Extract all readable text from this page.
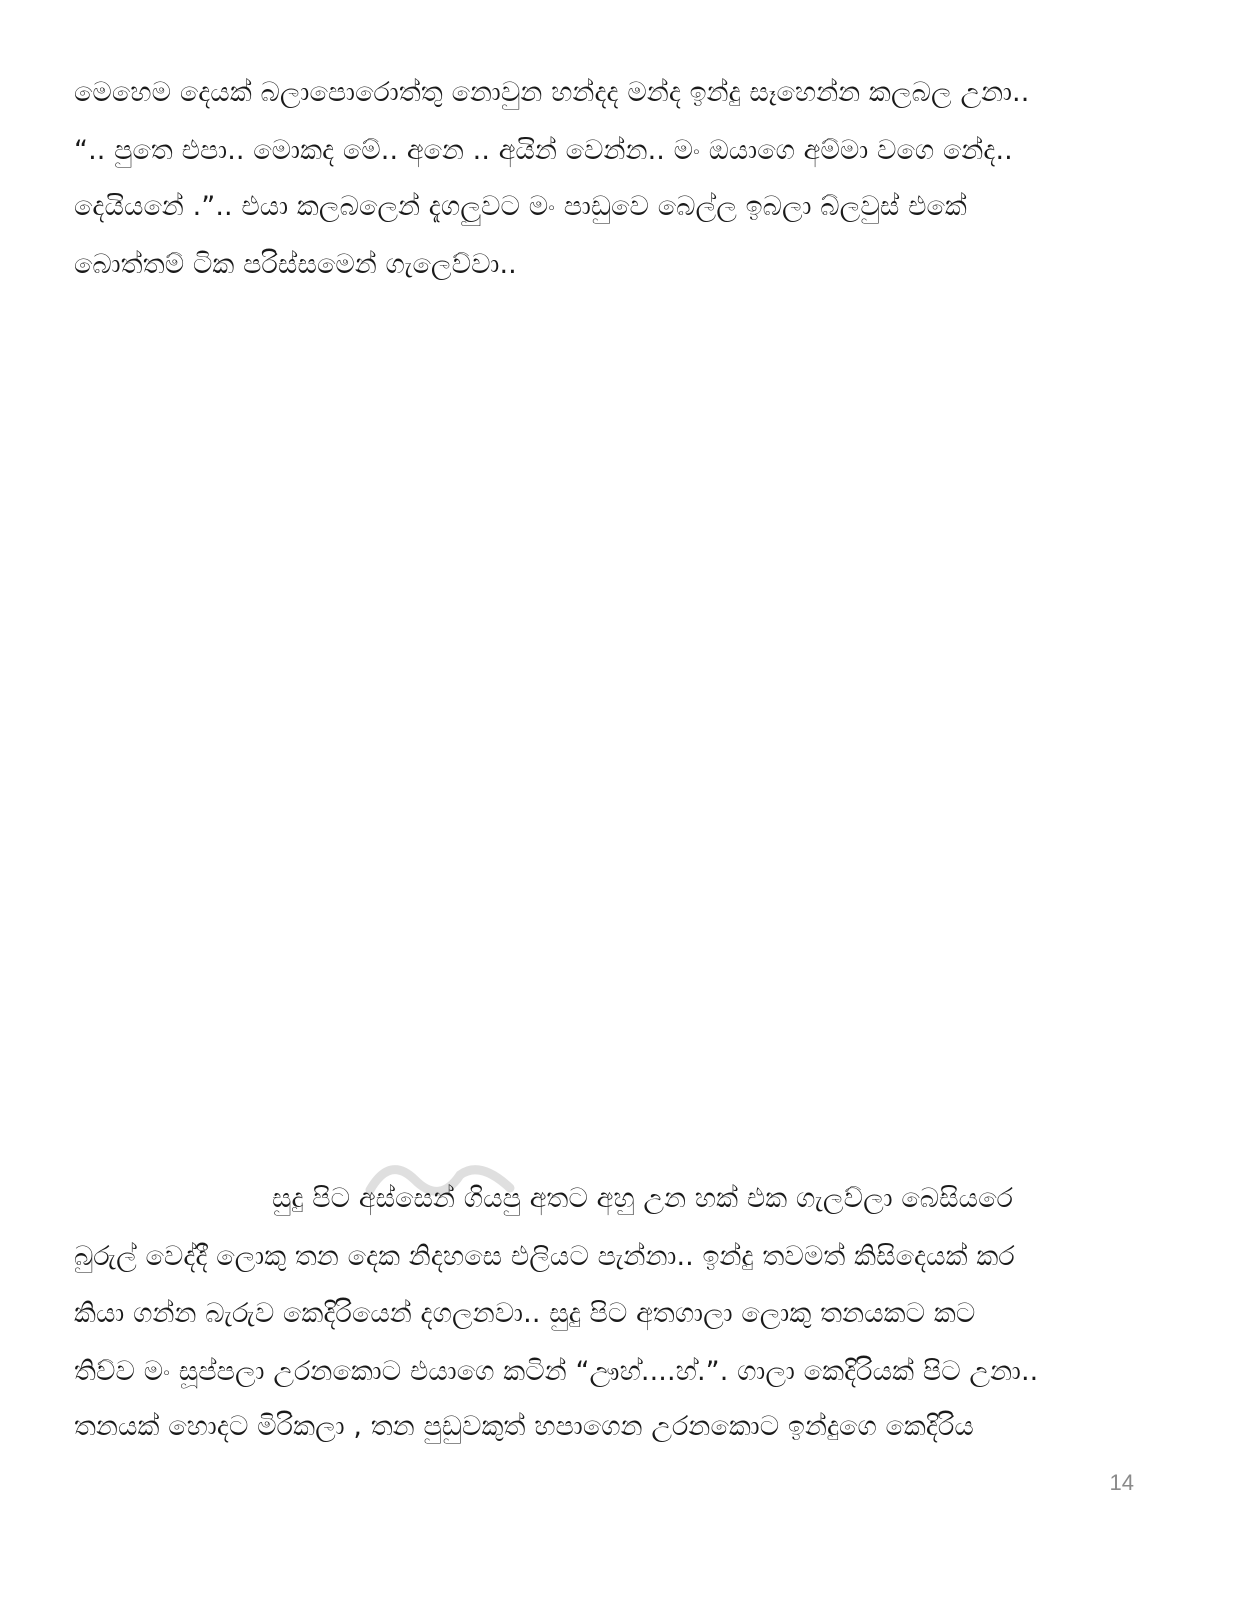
මෙහෙම දෙයක් බලාපොරොත්තු නොවුන හන්දද මන්ද ඉන්දු සෑහෙන්න කලබල උනා..
“.. පුතෙ එපා.. මොකද මේ.. අනෙ .. අයින් වෙන්න.. මං ඔයාගෙ අම්මා වගෙ නේද..
දෙයියනේ .”.. එයා කලබලෙන් දැගලුවට මං පාඩුවෙ බෙල්ල ඉබලා බ්ලවුස් එකේ
බොත්තම් ටික පරිස්සමෙන් ගැලෙව්වා..
සුදු පිට අස්සෙන් ගියපු අතට අහු උන හක් එක ගැලව්ලා බෙසියරෙ
බුරුල් වෙද්දී ලොකු තන දෙක නිදහසෙ එලියට පැන්නා.. ඉන්දු තවමත් කිසිදෙයක් කර
කියා ගන්න බැරුව කෙදිරියෙන් දගලනවා.. සුදු පිට අතගාලා ලොකු තනයකට කට
තිව්ව මං සූප්පලා උරනකොට එයාගෙ කටින් “ඌහ්....හ්.”. ගාලා කෙදිරියක් පිට උනා..
තනයක් හොදට මිරිකලා , තන පුඩුවකුත් හපාගෙන උරනකොට ඉන්දුගෙ කෙදිරිය
14
